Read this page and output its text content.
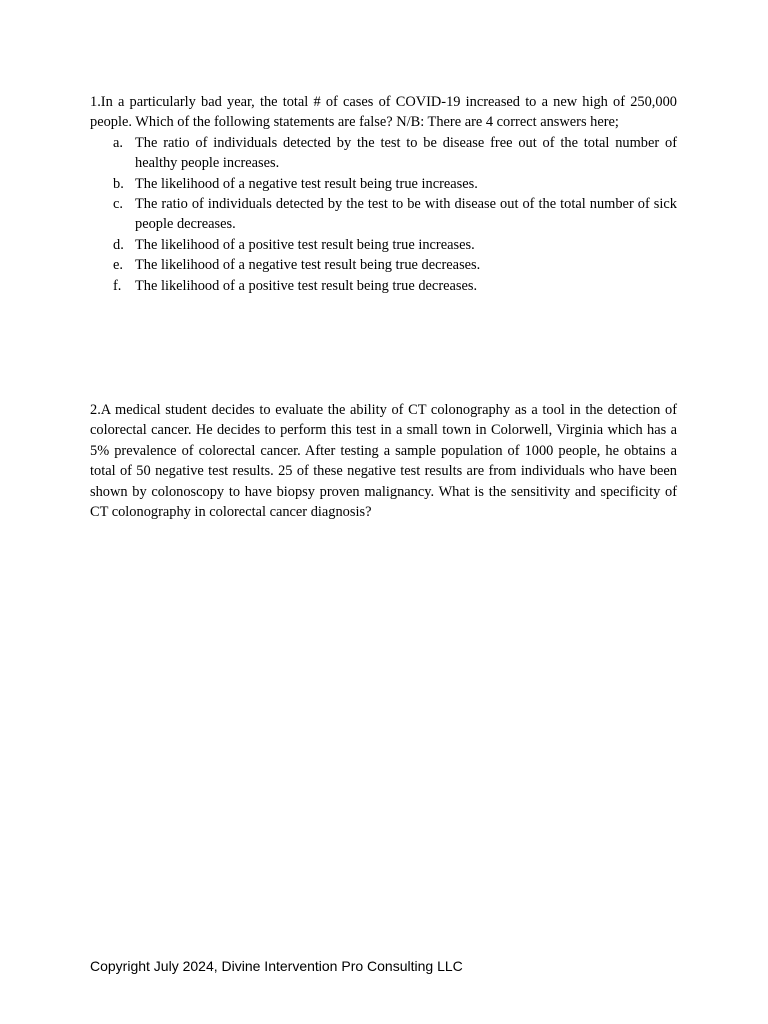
1.In a particularly bad year, the total # of cases of COVID-19 increased to a new high of 250,000 people. Which of the following statements are false? N/B: There are 4 correct answers here;

a. The ratio of individuals detected by the test to be disease free out of the total number of healthy people increases.
b. The likelihood of a negative test result being true increases.
c. The ratio of individuals detected by the test to be with disease out of the total number of sick people decreases.
d. The likelihood of a positive test result being true increases.
e. The likelihood of a negative test result being true decreases.
f. The likelihood of a positive test result being true decreases.

2.A medical student decides to evaluate the ability of CT colonography as a tool in the detection of colorectal cancer. He decides to perform this test in a small town in Colorwell, Virginia which has a 5% prevalence of colorectal cancer. After testing a sample population of 1000 people, he obtains a total of 50 negative test results. 25 of these negative test results are from individuals who have been shown by colonoscopy to have biopsy proven malignancy. What is the sensitivity and specificity of CT colonography in colorectal cancer diagnosis?

Copyright July 2024, Divine Intervention Pro Consulting LLC
